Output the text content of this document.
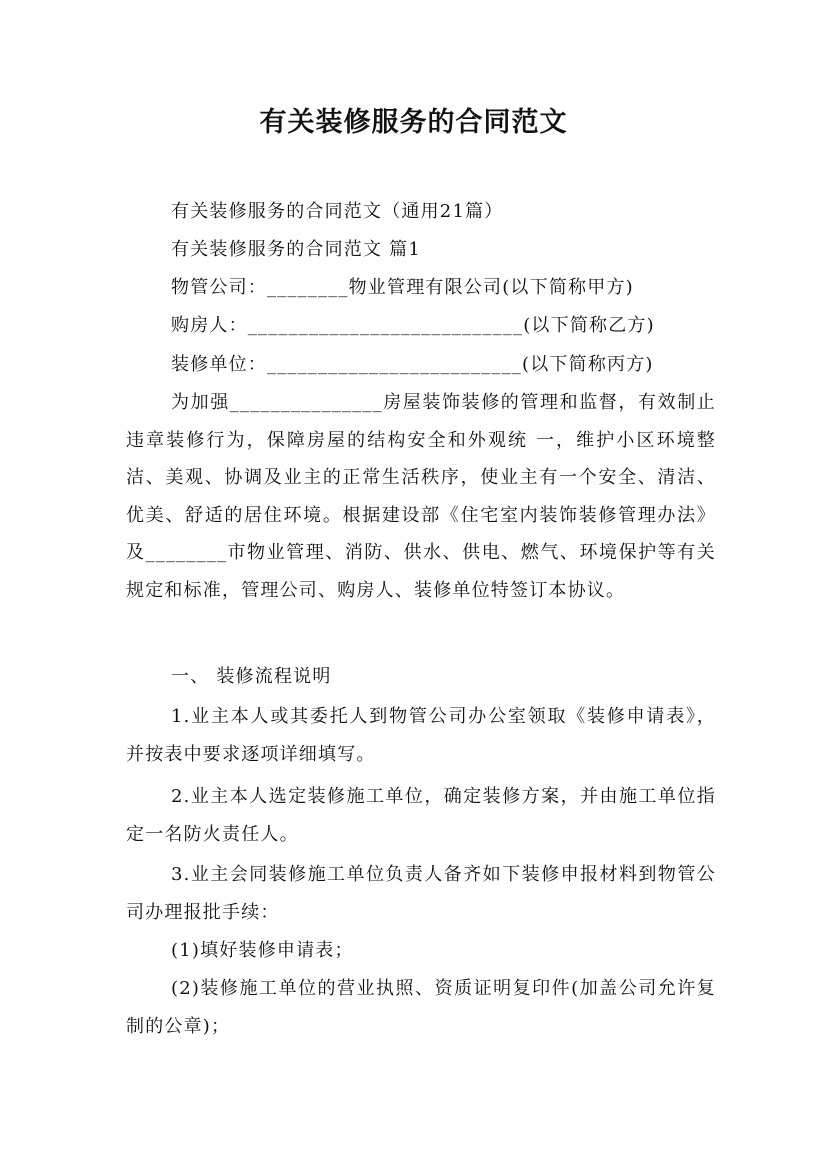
有关装修服务的合同范文
有关装修服务的合同范文（通用21篇）
有关装修服务的合同范文 篇1
物管公司：________物业管理有限公司(以下简称甲方)
购房人：___________________________(以下简称乙方)
装修单位：_________________________(以下简称丙方)

为加强_______________房屋装饰装修的管理和监督，有效制止违章装修行为，保障房屋的结构安全和外观统 一，维护小区环境整洁、美观、协调及业主的正常生活秩序，使业主有一个安全、清洁、优美、舒适的居住环境。根据建设部《住宅室内装饰装修管理办法》及________市物业管理、消防、供水、供电、燃气、环境保护等有关规定和标准，管理公司、购房人、装修单位特签订本协议。

一、 装修流程说明

1.业主本人或其委托人到物管公司办公室领取《装修申请表》，并按表中要求逐项详细填写。

2.业主本人选定装修施工单位，确定装修方案，并由施工单位指定一名防火责任人。

3.业主会同装修施工单位负责人备齐如下装修申报材料到物管公司办理报批手续：

(1)填好装修申请表；

(2)装修施工单位的营业执照、资质证明复印件(加盖公司允许复制的公章)；
